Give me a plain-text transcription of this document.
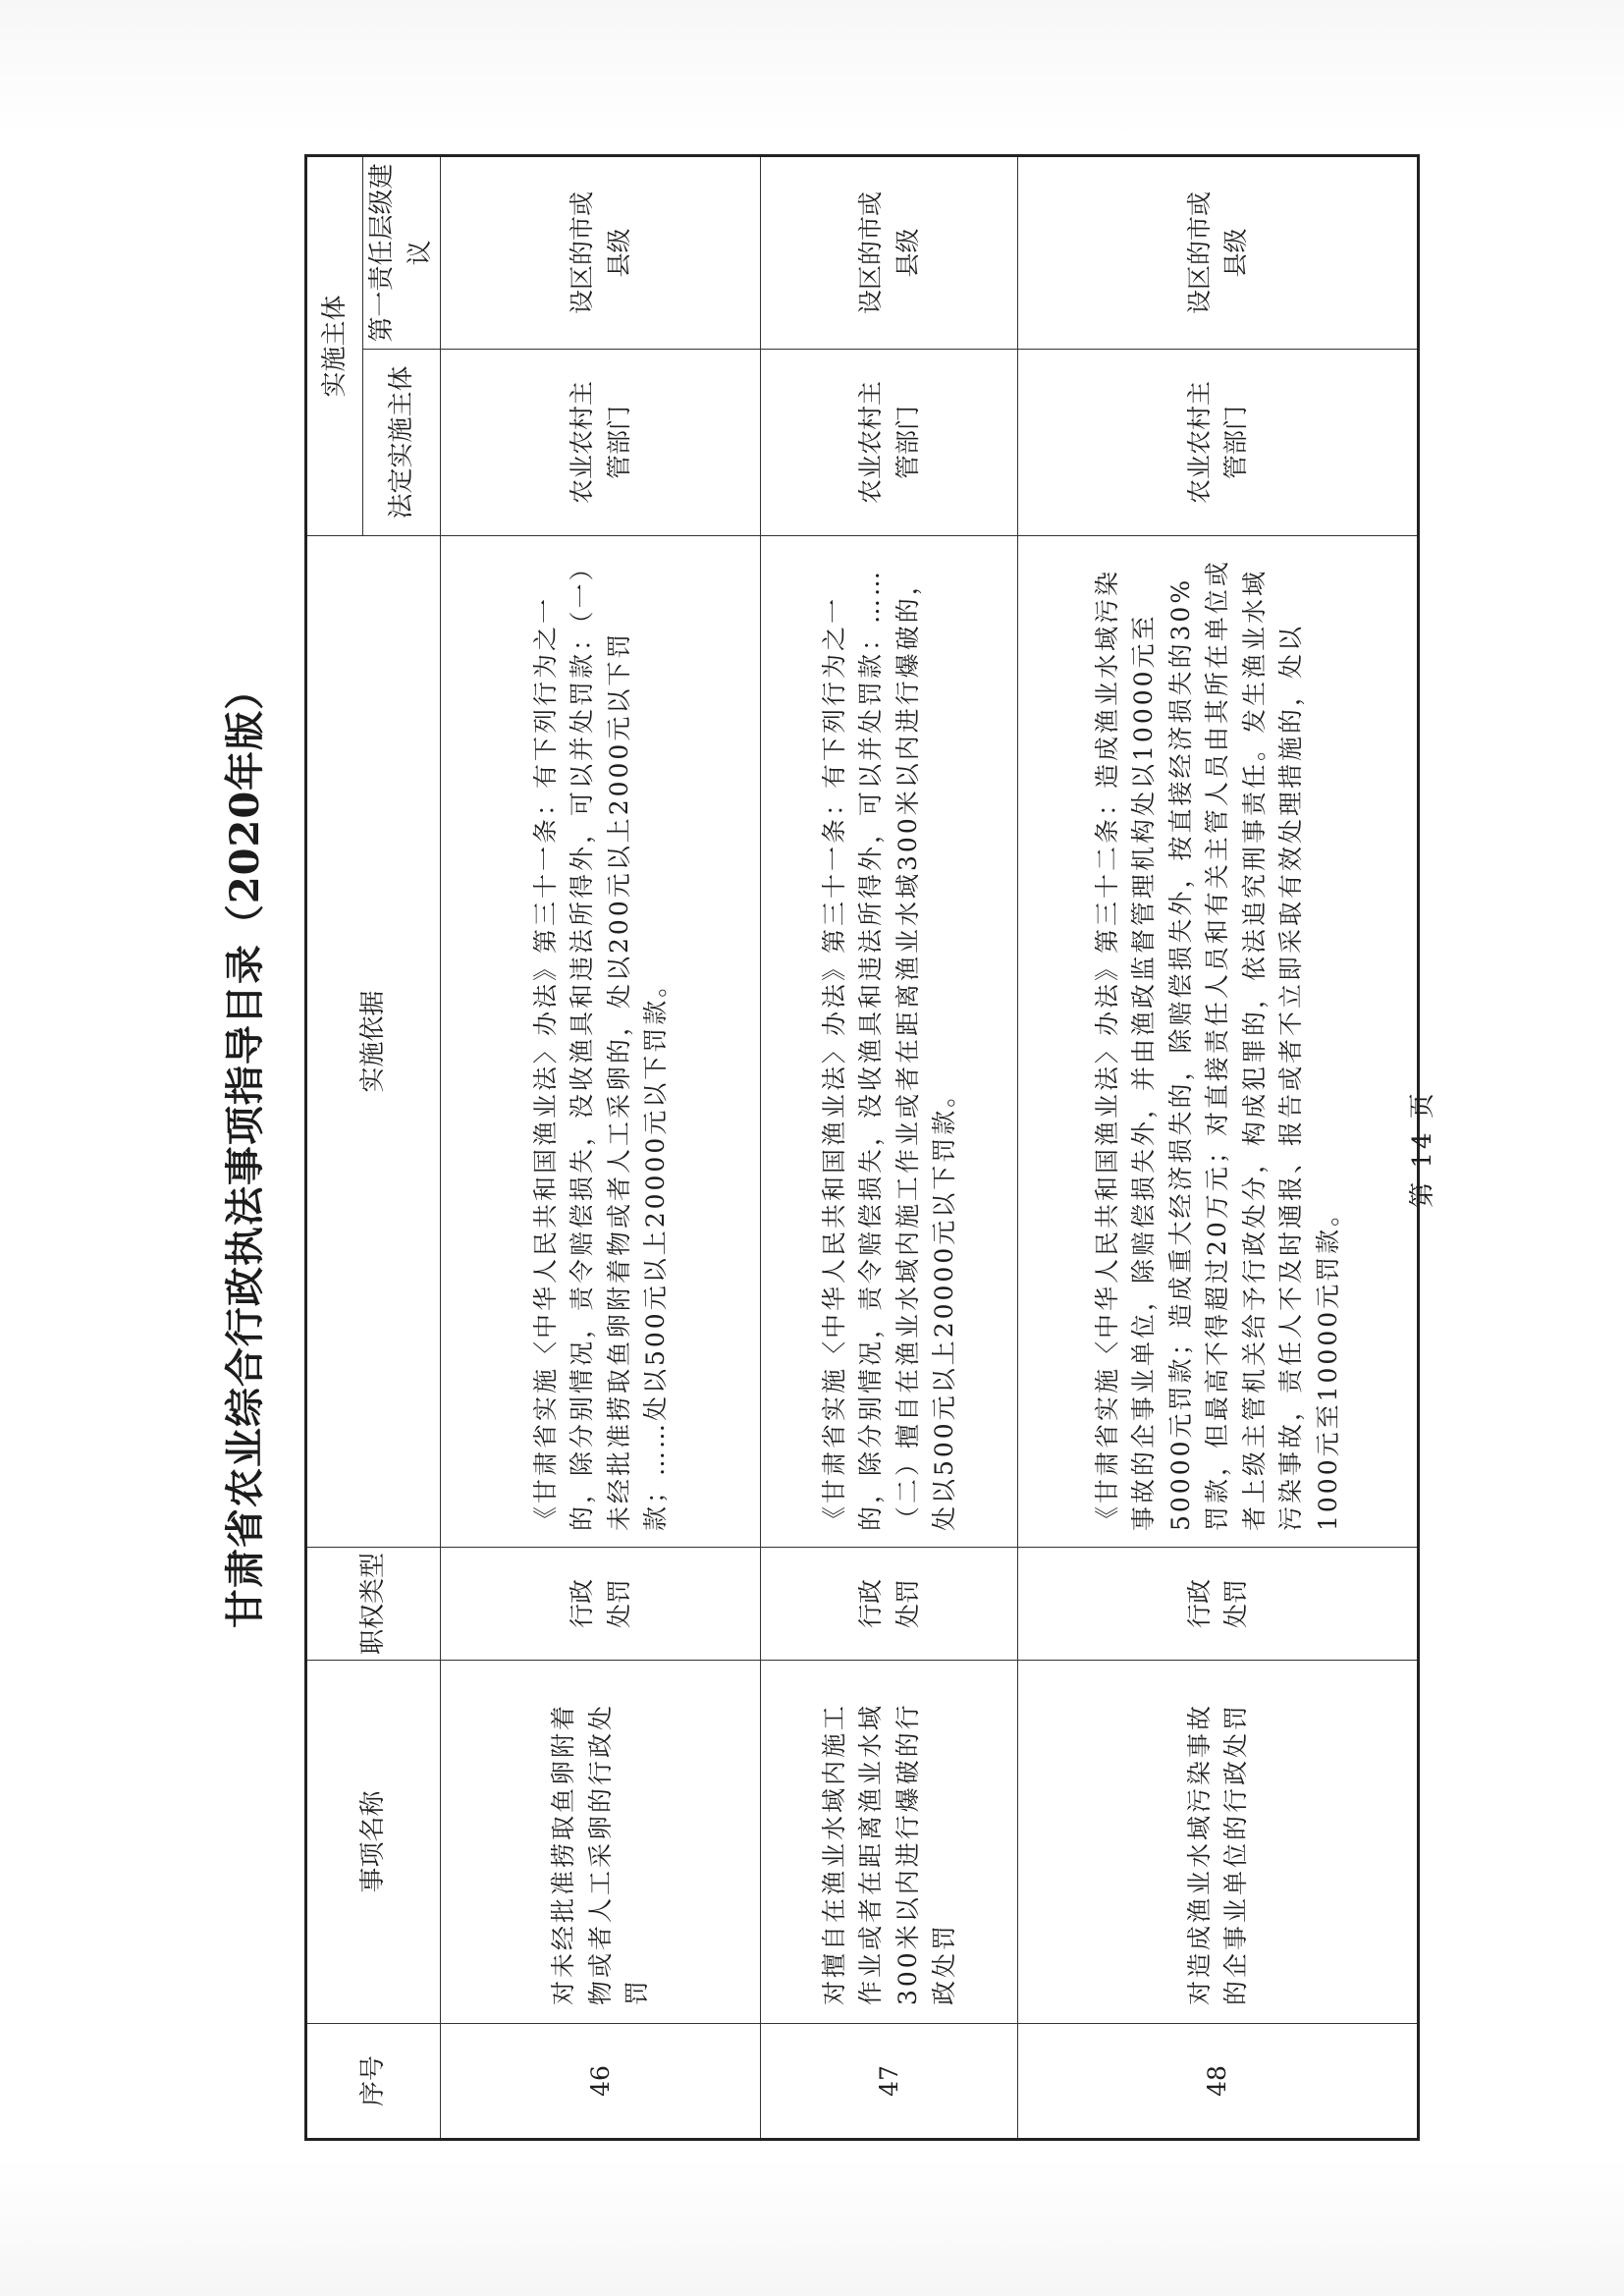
甘肃省农业综合行政执法事项指导目录（2020年版）
序号	事项名称	职权类型	实施依据	实施主体	
				法定实施主体	第一责任层级建议
46	对未经批准捞取鱼卵附着物或者人工采卵的行政处罚	行政处罚	《甘肃省实施〈中华人民共和国渔业法〉办法》第三十一条：有下列行为之一的，除分别情况，责令赔偿损失，没收渔具和违法所得外，可以并处罚款：（一）未经批准捞取鱼卵附着物或者人工采卵的，处以200元以上2000元以下罚款；……处以500元以上20000元以下罚款。	农业农村主管部门	设区的市或县级
47	对擅自在渔业水域内施工作业或者在距离渔业水域300米以内进行爆破的行政处罚	行政处罚	《甘肃省实施〈中华人民共和国渔业法〉办法》第三十一条：有下列行为之一的，除分别情况，责令赔偿损失，没收渔具和违法所得外，可以并处罚款：……（二）擅自在渔业水域内施工作业或者在距离渔业水域300米以内进行爆破的，处以500元以上20000元以下罚款。	农业农村主管部门	设区的市或县级
48	对造成渔业水域污染事故的企事业单位的行政处罚	行政处罚	《甘肃省实施〈中华人民共和国渔业法〉办法》第三十二条：造成渔业水域污染事故的企事业单位，除赔偿损失外，并由渔政监督管理机构处以10000元至50000元罚款；造成重大经济损失的，除赔偿损失外，按直接经济损失的30%罚款，但最高不得超过20万元；对直接责任人员和有关主管人员由其所在单位或者上级主管机关给予行政处分，构成犯罪的，依法追究刑事责任。发生渔业水域污染事故，责任人不及时通报、报告或者不立即采取有效处理措施的，处以1000元至10000元罚款。	农业农村主管部门	设区的市或县级
第 14 页
